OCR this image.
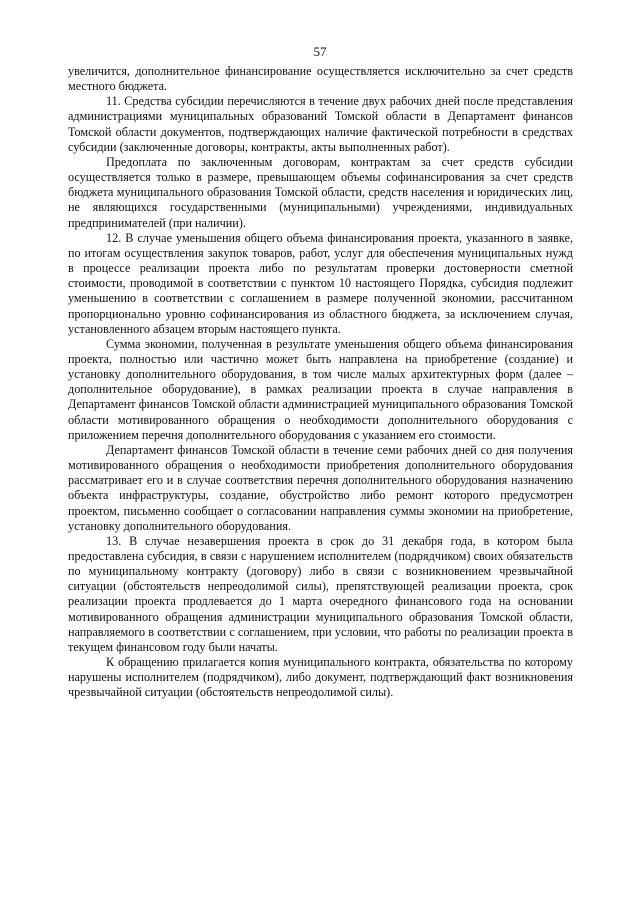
57

увеличится, дополнительное финансирование осуществляется исключительно за счет средств местного бюджета.

11. Средства субсидии перечисляются в течение двух рабочих дней после представления администрациями муниципальных образований Томской области в Департамент финансов Томской области документов, подтверждающих наличие фактической потребности в средствах субсидии (заключенные договоры, контракты, акты выполненных работ).

Предоплата по заключенным договорам, контрактам за счет средств субсидии осуществляется только в размере, превышающем объемы софинансирования за счет средств бюджета муниципального образования Томской области, средств населения и юридических лиц, не являющихся государственными (муниципальными) учреждениями, индивидуальных предпринимателей (при наличии).

12. В случае уменьшения общего объема финансирования проекта, указанного в заявке, по итогам осуществления закупок товаров, работ, услуг для обеспечения муниципальных нужд в процессе реализации проекта либо по результатам проверки достоверности сметной стоимости, проводимой в соответствии с пунктом 10 настоящего Порядка, субсидия подлежит уменьшению в соответствии с соглашением в размере полученной экономии, рассчитанном пропорционально уровню софинансирования из областного бюджета, за исключением случая, установленного абзацем вторым настоящего пункта.

Сумма экономии, полученная в результате уменьшения общего объема финансирования проекта, полностью или частично может быть направлена на приобретение (создание) и установку дополнительного оборудования, в том числе малых архитектурных форм (далее – дополнительное оборудование), в рамках реализации проекта в случае направления в Департамент финансов Томской области администрацией муниципального образования Томской области мотивированного обращения о необходимости дополнительного оборудования с приложением перечня дополнительного оборудования с указанием его стоимости.

Департамент финансов Томской области в течение семи рабочих дней со дня получения мотивированного обращения о необходимости приобретения дополнительного оборудования рассматривает его и в случае соответствия перечня дополнительного оборудования назначению объекта инфраструктуры, создание, обустройство либо ремонт которого предусмотрен проектом, письменно сообщает о согласовании направления суммы экономии на приобретение, установку дополнительного оборудования.

13. В случае незавершения проекта в срок до 31 декабря года, в котором была предоставлена субсидия, в связи с нарушением исполнителем (подрядчиком) своих обязательств по муниципальному контракту (договору) либо в связи с возникновением чрезвычайной ситуации (обстоятельств непреодолимой силы), препятствующей реализации проекта, срок реализации проекта продлевается до 1 марта очередного финансового года на основании мотивированного обращения администрации муниципального образования Томской области, направляемого в соответствии с соглашением, при условии, что работы по реализации проекта в текущем финансовом году были начаты.

К обращению прилагается копия муниципального контракта, обязательства по которому нарушены исполнителем (подрядчиком), либо документ, подтверждающий факт возникновения чрезвычайной ситуации (обстоятельств непреодолимой силы).
